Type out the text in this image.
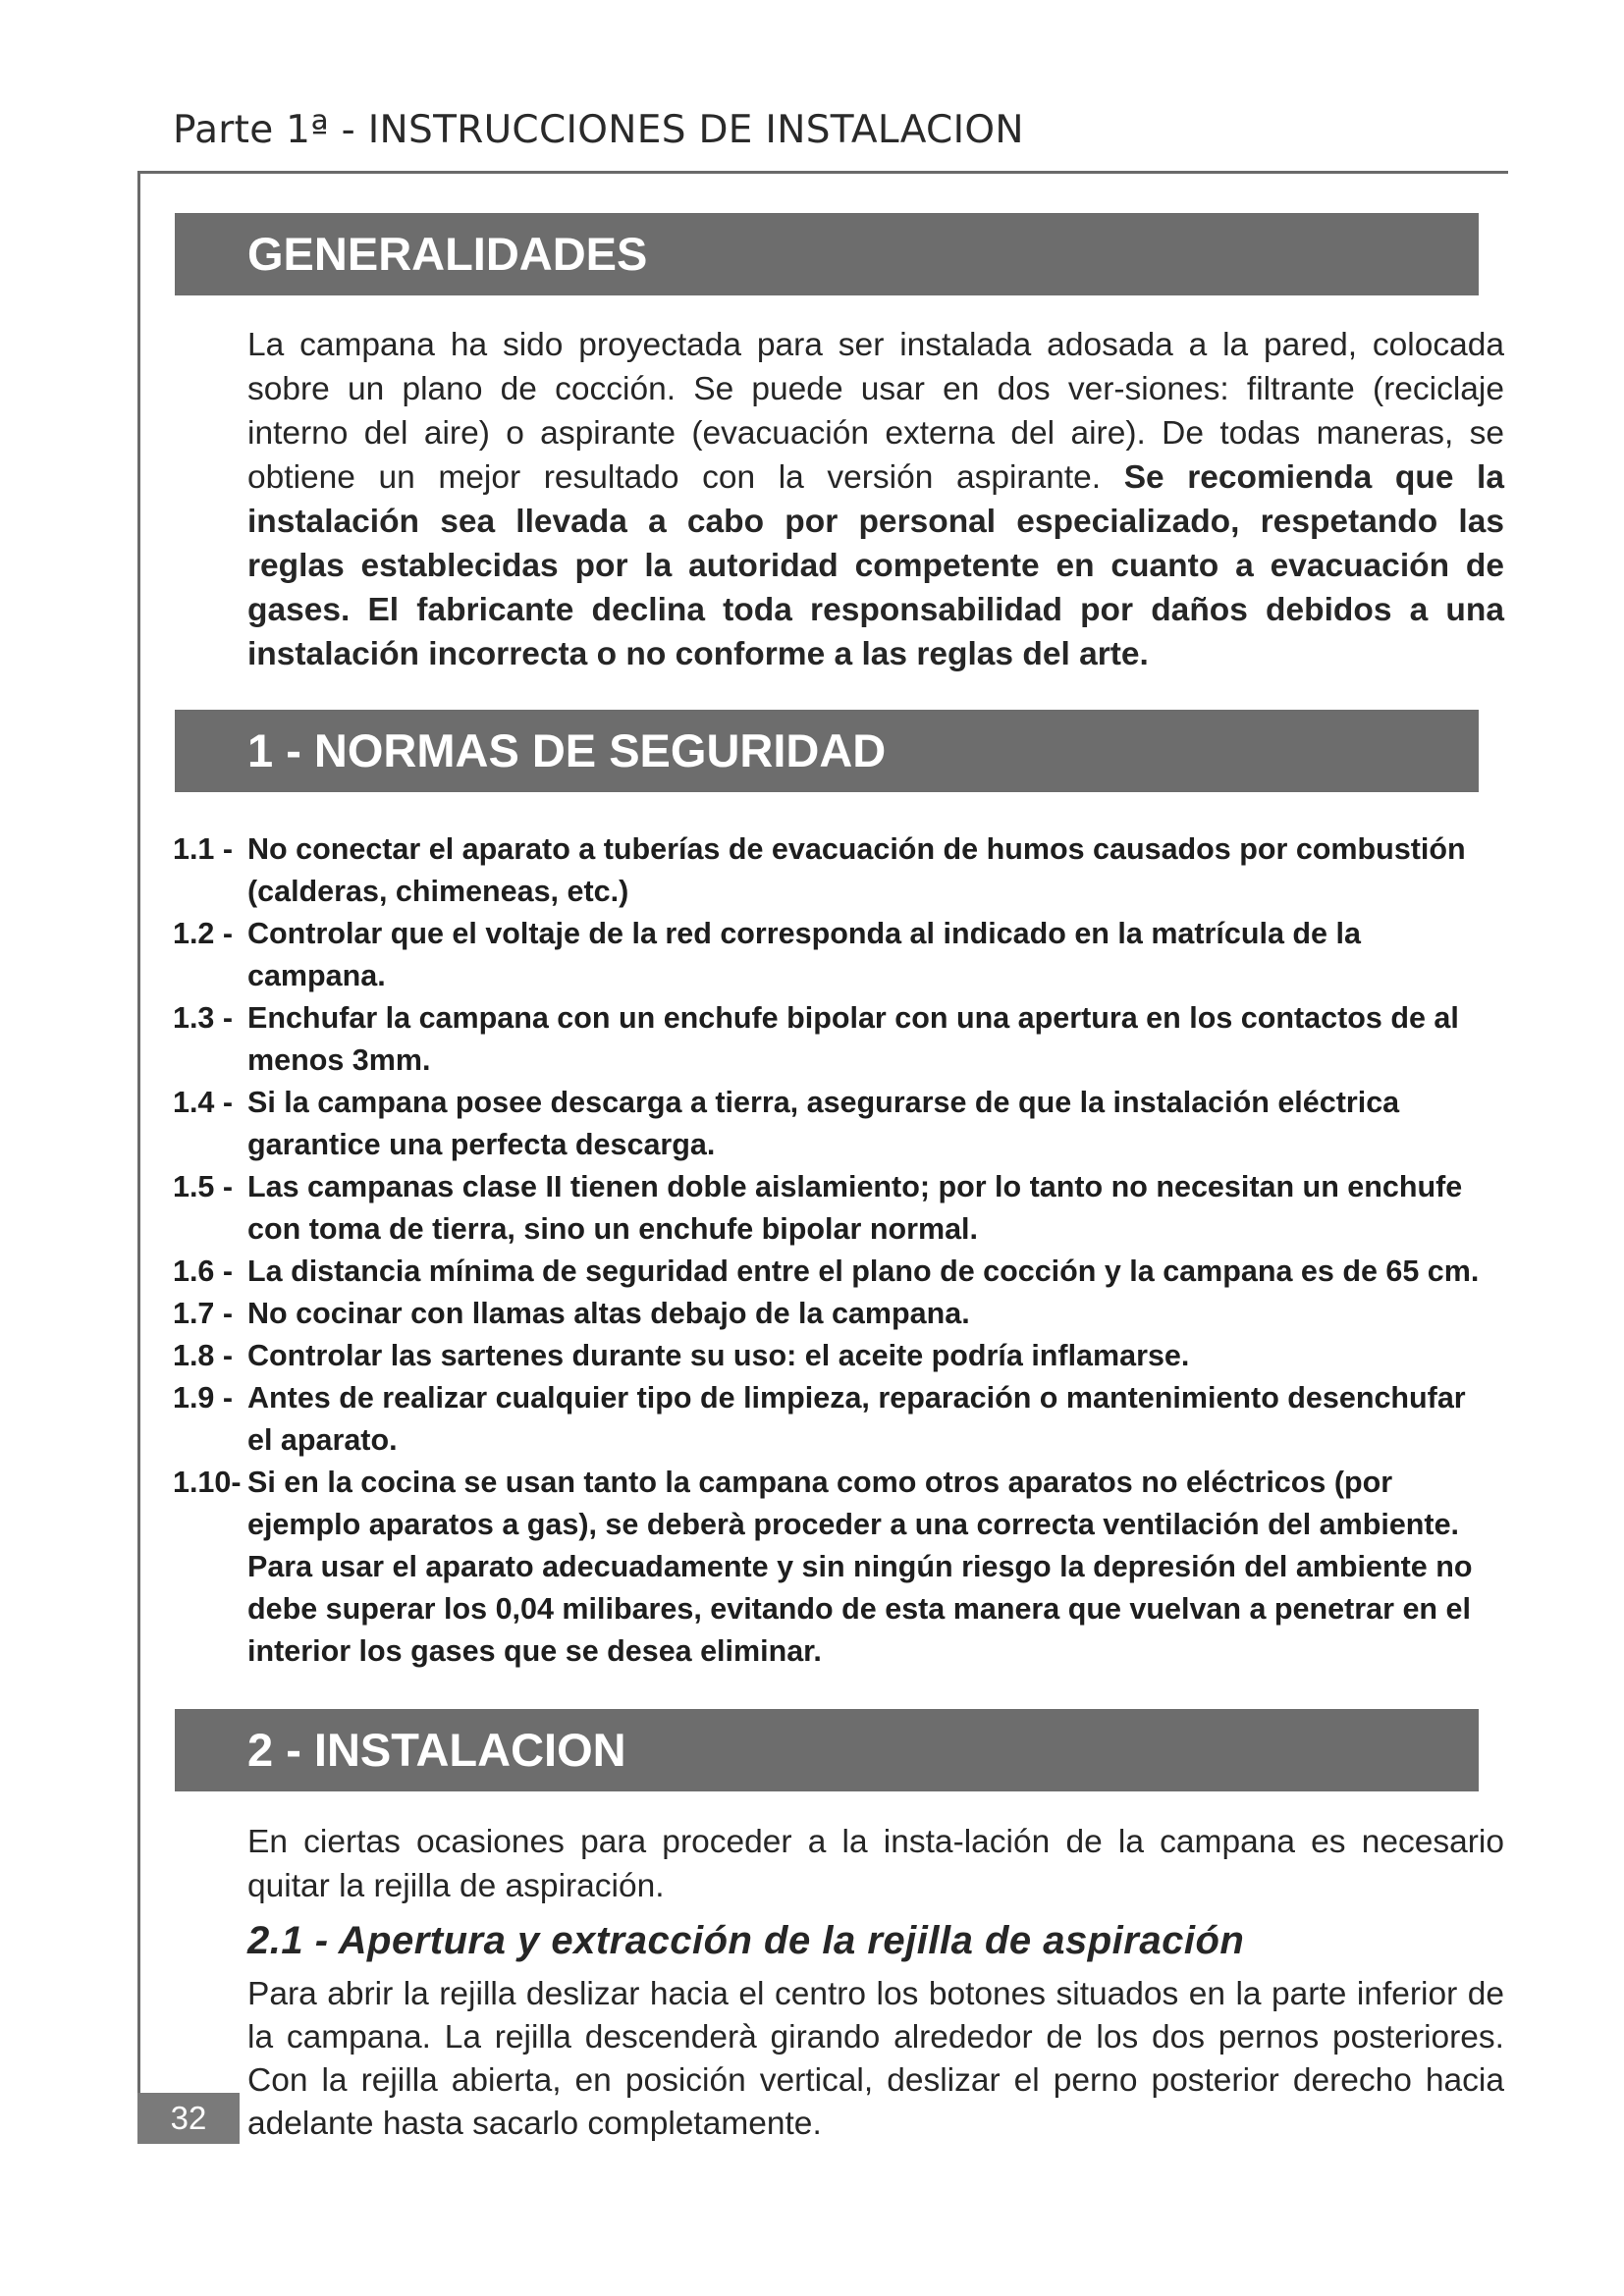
Parte 1ª - INSTRUCCIONES DE INSTALACION
GENERALIDADES
La campana ha sido proyectada para ser instalada adosada a la pared, colocada sobre un plano de cocción. Se puede usar en dos ver-siones: filtrante (reciclaje interno del aire) o aspirante (evacuación externa del aire). De todas maneras, se obtiene un mejor resultado con la versión aspirante. Se recomienda que la instalación sea llevada a cabo por personal especializado, respetando las reglas establecidas por la autoridad competente en cuanto a evacuación de gases. El fabricante declina toda responsabilidad por daños debidos a una instalación incorrecta o no conforme a las reglas del arte.
1 - NORMAS DE SEGURIDAD
1.1 - No conectar el aparato a tuberías de evacuación de humos causados por combustión (calderas, chimeneas, etc.)
1.2 - Controlar que el voltaje de la red corresponda al indicado en la matrícula de la campana.
1.3 - Enchufar la campana con un enchufe bipolar con una apertura en los contactos de al menos 3mm.
1.4 - Si la campana posee descarga a tierra, asegurarse de que la instalación eléctrica garantice una perfecta descarga.
1.5 - Las campanas clase II tienen doble aislamiento; por lo tanto no necesitan un enchufe con toma de tierra, sino un enchufe bipolar normal.
1.6 - La distancia mínima de seguridad entre el plano de cocción y la campana es de 65 cm.
1.7 - No cocinar con llamas altas debajo de la campana.
1.8 - Controlar las sartenes durante su uso: el aceite podría inflamarse.
1.9 - Antes de realizar cualquier tipo de limpieza, reparación o mantenimiento desenchufar el aparato.
1.10- Si en la cocina se usan tanto la campana como otros aparatos no eléctricos (por ejemplo aparatos a gas), se deberà proceder a una correcta ventilación del ambiente. Para usar el aparato adecuadamente y sin ningún riesgo la depresión del ambiente no debe superar los 0,04 milibares, evitando de esta manera que vuelvan a penetrar en el interior los gases que se desea eliminar.
2 - INSTALACION
En ciertas ocasiones para proceder a la insta-lación de la campana es necesario quitar la rejilla de aspiración.
2.1 - Apertura y extracción de la rejilla de aspiración
Para abrir la rejilla deslizar hacia el centro los botones situados en la parte inferior de la campana. La rejilla descenderà girando alrededor de los dos pernos posteriores. Con la rejilla abierta, en posición vertical, deslizar el perno posterior derecho hacia adelante hasta sacarlo completamente.
32
